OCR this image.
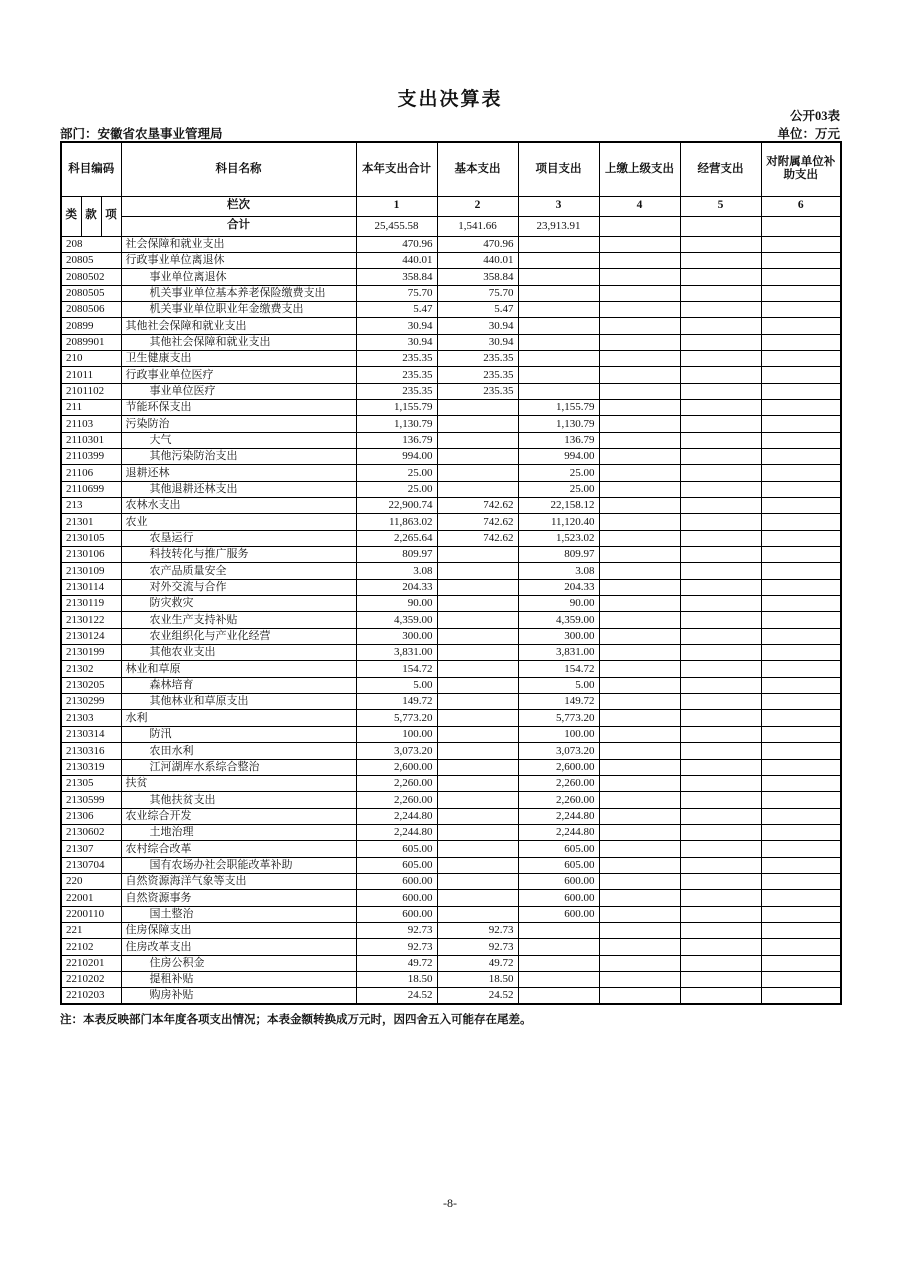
支出决算表
公开03表
部门：安徽省农垦事业管理局	单位：万元
科目编码			科目名称	本年支出合计	基本支出	项目支出	上缴上级支出	经营支出	对附属单位补助支出
类	款	项	栏次	1	2	3	4	5	6
			合计	25,455.58	1,541.66	23,913.91			
208			社会保障和就业支出	470.96	470.96				
20805			行政事业单位离退休	440.01	440.01				
2080502			事业单位离退休	358.84	358.84				
2080505			机关事业单位基本养老保险缴费支出	75.70	75.70				
2080506			机关事业单位职业年金缴费支出	5.47	5.47				
20899			其他社会保障和就业支出	30.94	30.94				
2089901			其他社会保障和就业支出	30.94	30.94				
210			卫生健康支出	235.35	235.35				
21011			行政事业单位医疗	235.35	235.35				
2101102			事业单位医疗	235.35	235.35				
211			节能环保支出	1,155.79		1,155.79			
21103			污染防治	1,130.79		1,130.79			
2110301			大气	136.79		136.79			
2110399			其他污染防治支出	994.00		994.00			
21106			退耕还林	25.00		25.00			
2110699			其他退耕还林支出	25.00		25.00			
213			农林水支出	22,900.74	742.62	22,158.12			
21301			农业	11,863.02	742.62	11,120.40			
2130105			农垦运行	2,265.64	742.62	1,523.02			
2130106			科技转化与推广服务	809.97		809.97			
2130109			农产品质量安全	3.08		3.08			
2130114			对外交流与合作	204.33		204.33			
2130119			防灾救灾	90.00		90.00			
2130122			农业生产支持补贴	4,359.00		4,359.00			
2130124			农业组织化与产业化经营	300.00		300.00			
2130199			其他农业支出	3,831.00		3,831.00			
21302			林业和草原	154.72		154.72			
2130205			森林培育	5.00		5.00			
2130299			其他林业和草原支出	149.72		149.72			
21303			水利	5,773.20		5,773.20			
2130314			防汛	100.00		100.00			
2130316			农田水利	3,073.20		3,073.20			
2130319			江河湖库水系综合整治	2,600.00		2,600.00			
21305			扶贫	2,260.00		2,260.00			
2130599			其他扶贫支出	2,260.00		2,260.00			
21306			农业综合开发	2,244.80		2,244.80			
2130602			土地治理	2,244.80		2,244.80			
21307			农村综合改革	605.00		605.00			
2130704			国有农场办社会职能改革补助	605.00		605.00			
220			自然资源海洋气象等支出	600.00		600.00			
22001			自然资源事务	600.00		600.00			
2200110			国土整治	600.00		600.00			
221			住房保障支出	92.73	92.73				
22102			住房改革支出	92.73	92.73				
2210201			住房公积金	49.72	49.72				
2210202			提租补贴	18.50	18.50				
2210203			购房补贴	24.52	24.52				
注：本表反映部门本年度各项支出情况；本表金额转换成万元时，因四舍五入可能存在尾差。
-8-
